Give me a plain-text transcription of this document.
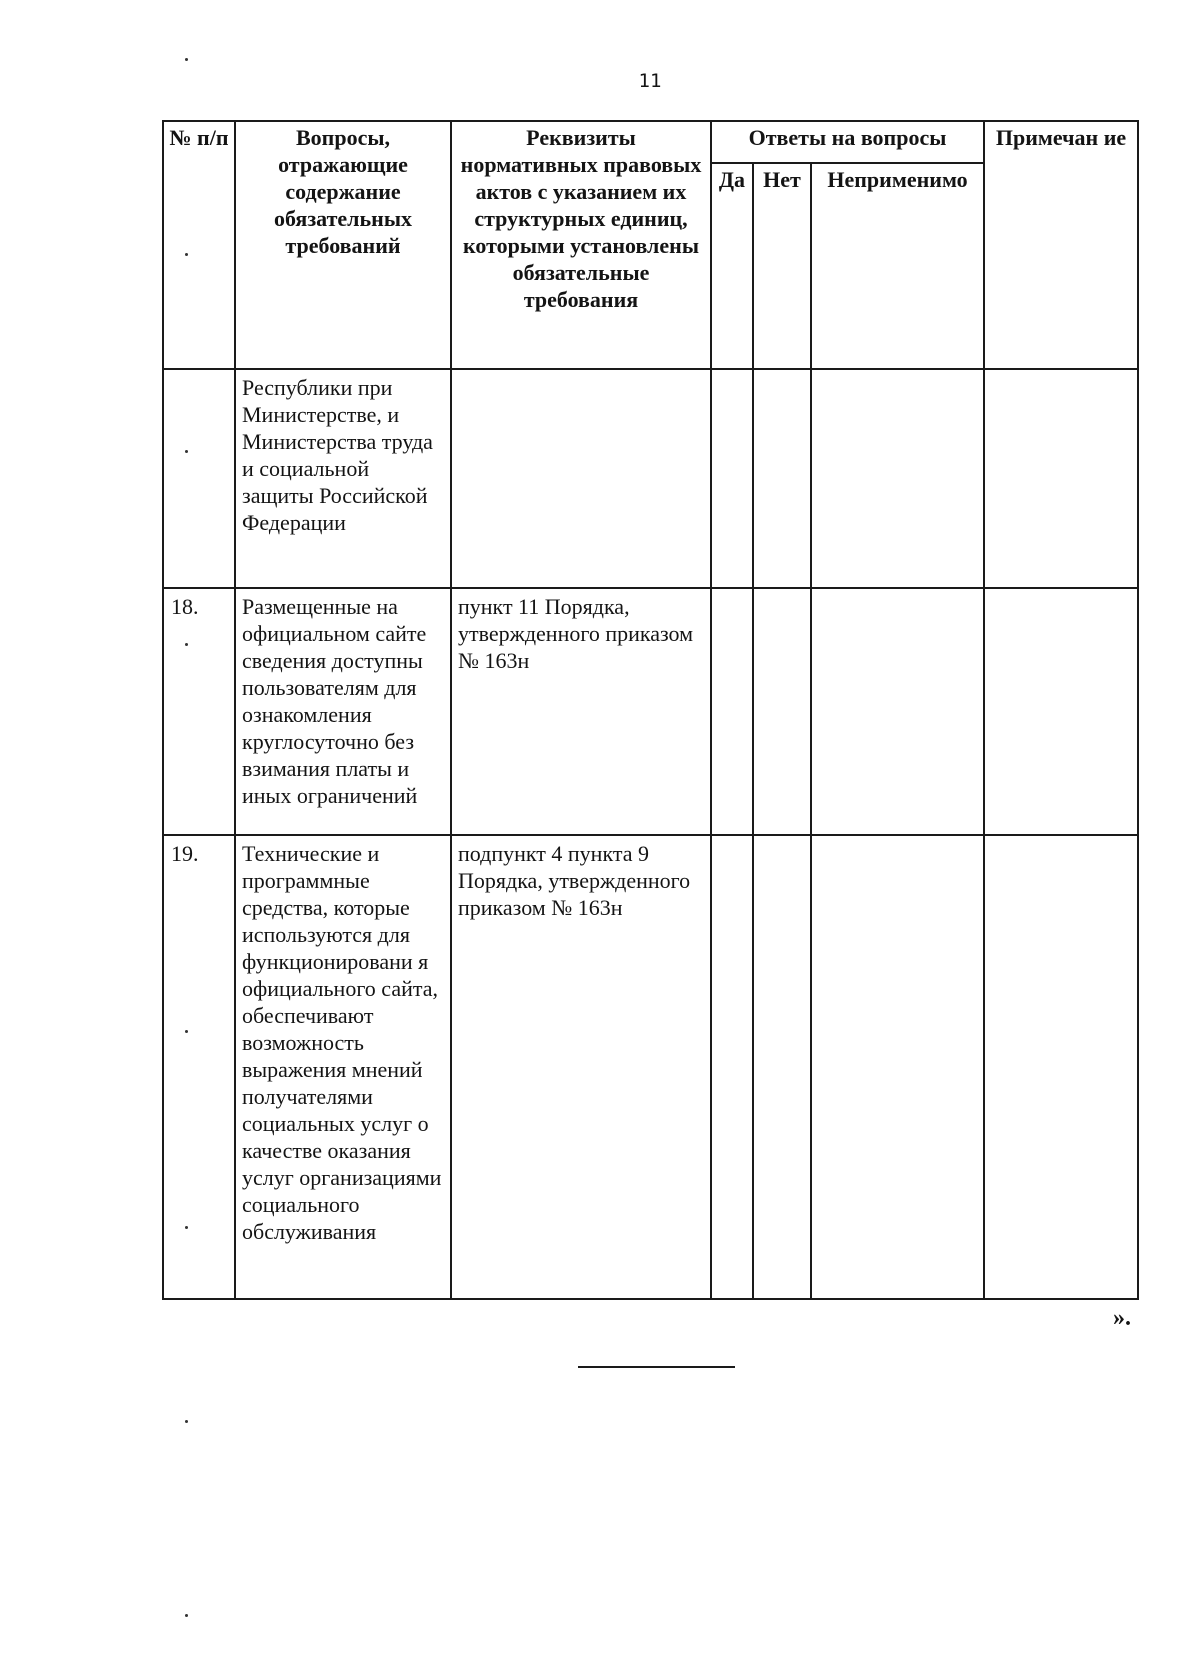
11
№ п/п	Вопросы, отражающие содержание обязательных требований	Реквизиты нормативных правовых актов с указанием их структурных единиц, которыми установлены обязательные требования	Ответы на вопросы			Примечан ие

			Да	Нет	Неприменимо	

	Республики при Министерстве, и Министерства труда и социальной защиты Российской Федерации					

18.	Размещенные на официальном сайте сведения доступны пользователям для ознакомления круглосуточно без взимания платы и иных ограничений	пункт 11 Порядка, утвержденного приказом № 163н				

19.	Технические и программные средства, которые используются для функционировани я официального сайта, обеспечивают возможность выражения мнений получателями социальных услуг о качестве оказания услуг организациями социального обслуживания	подпункт 4 пункта 9 Порядка, утвержденного приказом № 163н				

».
